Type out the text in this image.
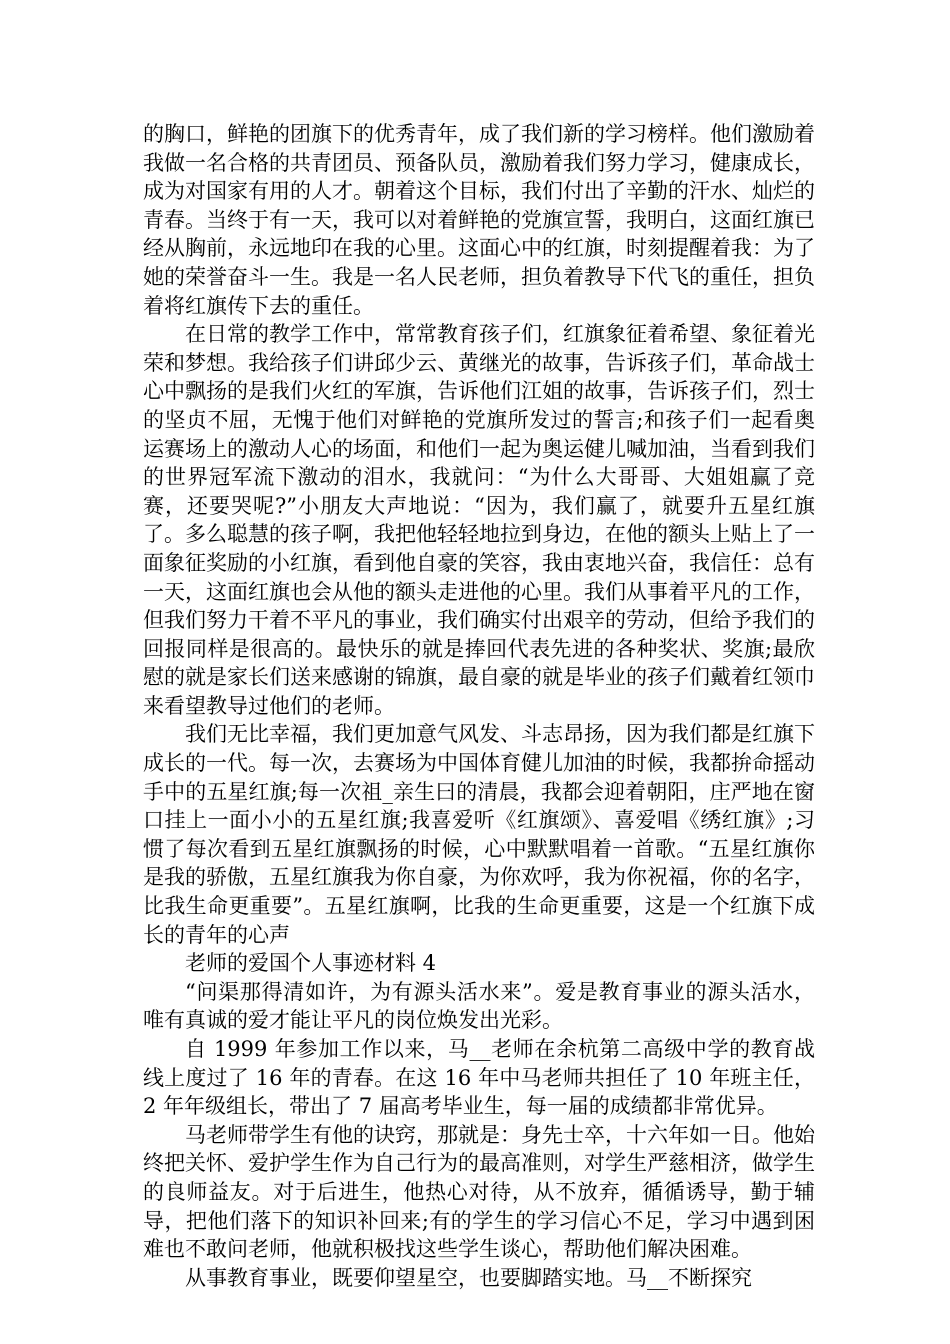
的胸口，鲜艳的团旗下的优秀青年，成了我们新的学习榜样。他们激励着我做一名合格的共青团员、预备队员，激励着我们努力学习，健康成长，成为对国家有用的人才。朝着这个目标，我们付出了辛勤的汗水、灿烂的青春。当终于有一天，我可以对着鲜艳的党旗宣誓，我明白，这面红旗已经从胸前，永远地印在我的心里。这面心中的红旗，时刻提醒着我：为了她的荣誉奋斗一生。我是一名人民老师，担负着教导下代飞的重任，担负着将红旗传下去的重任。

在日常的教学工作中，常常教育孩子们，红旗象征着希望、象征着光荣和梦想。我给孩子们讲邱少云、黄继光的故事，告诉孩子们，革命战士心中飘扬的是我们火红的军旗，告诉他们江姐的故事，告诉孩子们，烈士的坚贞不屈，无愧于他们对鲜艳的党旗所发过的誓言;和孩子们一起看奥运赛场上的激动人心的场面，和他们一起为奥运健儿喊加油，当看到我们的世界冠军流下激动的泪水，我就问：“为什么大哥哥、大姐姐赢了竞赛，还要哭呢?”小朋友大声地说：“因为，我们赢了，就要升五星红旗了。多么聪慧的孩子啊，我把他轻轻地拉到身边，在他的额头上贴上了一面象征奖励的小红旗，看到他自豪的笑容，我由衷地兴奋，我信任：总有一天，这面红旗也会从他的额头走进他的心里。我们从事着平凡的工作，但我们努力干着不平凡的事业，我们确实付出艰辛的劳动，但给予我们的回报同样是很高的。最快乐的就是捧回代表先进的各种奖状、奖旗;最欣慰的就是家长们送来感谢的锦旗，最自豪的就是毕业的孩子们戴着红领巾来看望教导过他们的老师。

我们无比幸福，我们更加意气风发、斗志昂扬，因为我们都是红旗下成长的一代。每一次，去赛场为中国体育健儿加油的时候，我都拚命摇动手中的五星红旗;每一次祖_亲生曰的清晨，我都会迎着朝阳，庄严地在窗口挂上一面小小的五星红旗;我喜爱听《红旗颂》、喜爱唱《绣红旗》;习惯了每次看到五星红旗飘扬的时候，心中默默唱着一首歌。“五星红旗你是我的骄傲，五星红旗我为你自豪，为你欢呼，我为你祝福，你的名字，比我生命更重要”。五星红旗啊，比我的生命更重要，这是一个红旗下成长的青年的心声

老师的爱国个人事迹材料 4

“问渠那得清如许，为有源头活水来”。爱是教育事业的源头活水，唯有真诚的爱才能让平凡的岗位焕发出光彩。

自 1999 年参加工作以来，马__老师在余杭第二高级中学的教育战线上度过了 16 年的青春。在这 16 年中马老师共担任了 10 年班主任，2 年年级组长，带出了 7 届高考毕业生，每一届的成绩都非常优异。

马老师带学生有他的诀窍，那就是：身先士卒，十六年如一日。他始终把关怀、爱护学生作为自己行为的最高准则，对学生严慈相济，做学生的良师益友。对于后进生，他热心对待，从不放弃，循循诱导，勤于辅导，把他们落下的知识补回来;有的学生的学习信心不足，学习中遇到困难也不敢问老师，他就积极找这些学生谈心，帮助他们解决困难。

从事教育事业，既要仰望星空，也要脚踏实地。马__不断探究
